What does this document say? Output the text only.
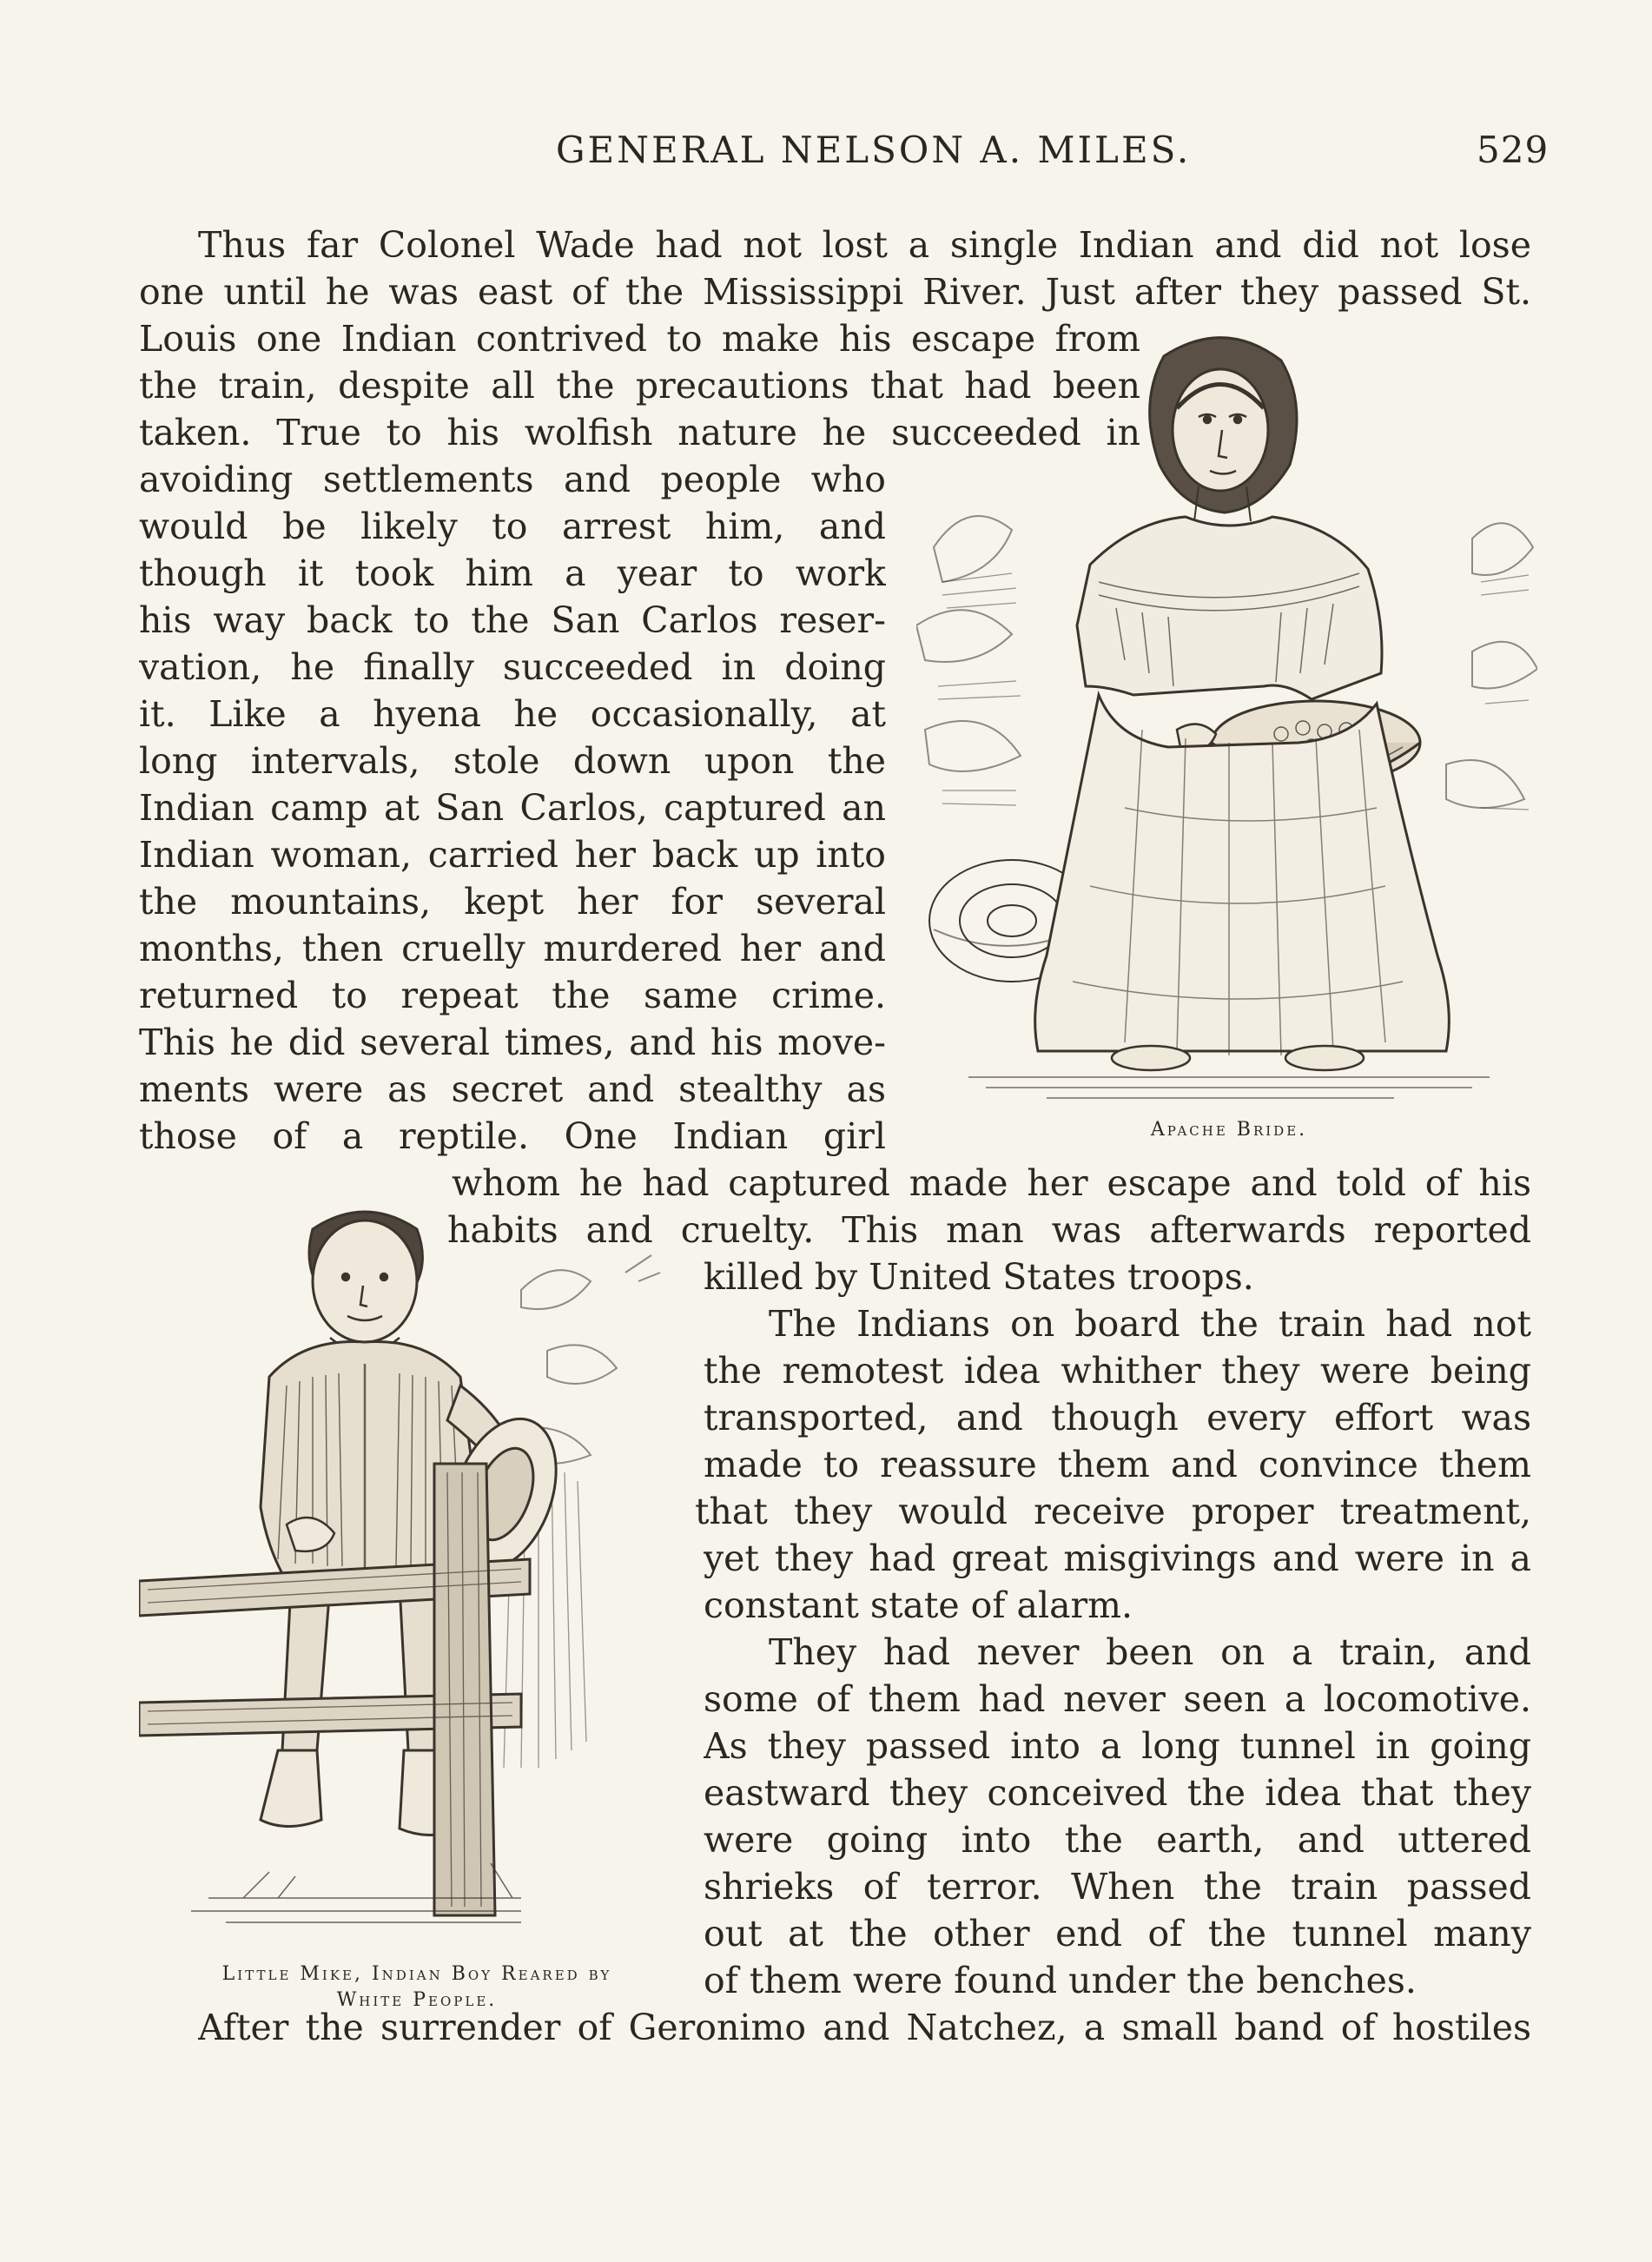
GENERAL NELSON A. MILES.	529
Thus far Colonel Wade had not lost a single Indian and did not lose
one until he was east of the Mississippi River. Just after they passed St.
Louis one Indian contrived to make his escape from
the train, despite all the precautions that had been
taken. True to his wolfish nature he succeeded in
avoiding settlements and people who
would be likely to arrest him, and
though it took him a year to work
his way back to the San Carlos reser-
vation, he finally succeeded in doing
it. Like a hyena he occasionally, at
long intervals, stole down upon the
Indian camp at San Carlos, captured an
Indian woman, carried her back up into
the mountains, kept her for several
months, then cruelly murdered her and
returned to repeat the same crime.
This he did several times, and his move-
ments were as secret and stealthy as
those of a reptile. One Indian girl
whom he had captured made her escape and told of his
habits and cruelty. This man was afterwards reported
killed by United States troops.
The Indians on board the train had not
the remotest idea whither they were being
transported, and though every effort was
made to reassure them and convince them
that they would receive proper treatment,
yet they had great misgivings and were in a
constant state of alarm.
They had never been on a train, and
some of them had never seen a locomotive.
As they passed into a long tunnel in going
eastward they conceived the idea that they
were going into the earth, and uttered
shrieks of terror. When the train passed
out at the other end of the tunnel many
of them were found under the benches.
After the surrender of Geronimo and Natchez, a small band of hostiles
Apache Bride.
Little Mike, Indian Boy Reared by
White People.
